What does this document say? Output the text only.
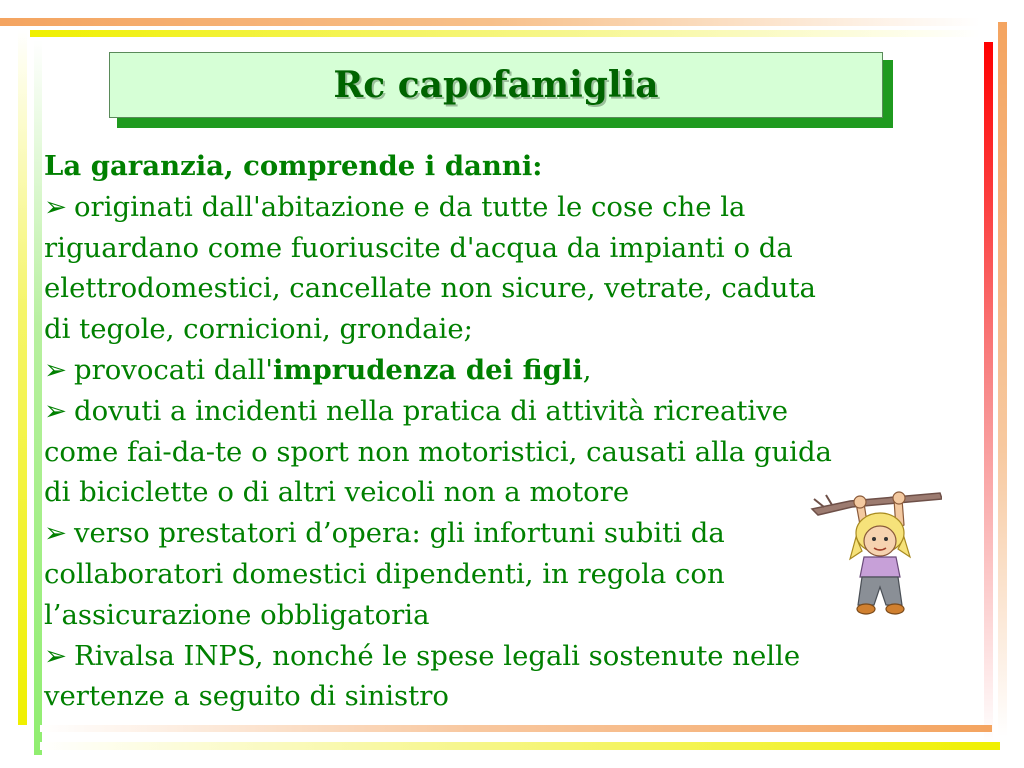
Rc capofamiglia

La garanzia, comprende i danni:

➢ originati dall'abitazione e da tutte le cose che la
riguardano come fuoriuscite d'acqua da impianti o da
elettrodomestici, cancellate non sicure, vetrate, caduta
di tegole, cornicioni, grondaie;

➢ provocati dall'imprudenza dei figli,

➢ dovuti a incidenti nella pratica di attività ricreative
come fai-da-te o sport non motoristici, causati alla guida
di biciclette o di altri veicoli non a motore

➢ verso prestatori d’opera: gli infortuni subiti da
collaboratori domestici dipendenti, in regola con
l’assicurazione obbligatoria

➢ Rivalsa INPS, nonché le spese legali sostenute nelle
vertenze a seguito di sinistro
